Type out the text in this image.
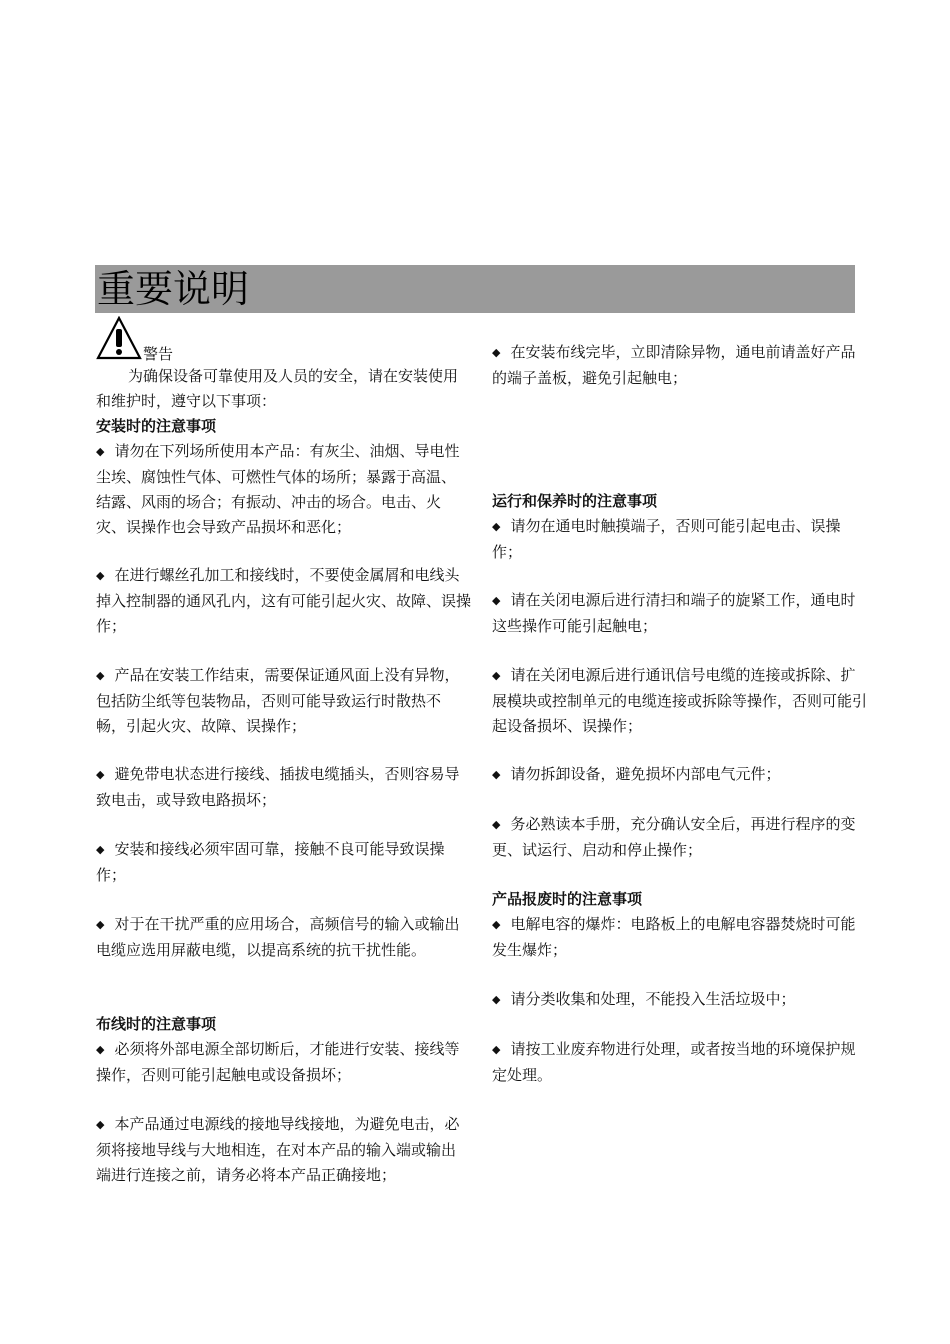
重要说明
警告
为确保设备可靠使用及人员的安全，请在安装使用和维护时，遵守以下事项：
安装时的注意事项
◆ 请勿在下列场所使用本产品：有灰尘、油烟、导电性尘埃、腐蚀性气体、可燃性气体的场所；暴露于高温、结露、风雨的场合；有振动、冲击的场合。电击、火灾、误操作也会导致产品损坏和恶化；
◆ 在进行螺丝孔加工和接线时，不要使金属屑和电线头掉入控制器的通风孔内，这有可能引起火灾、故障、误操作；
◆ 产品在安装工作结束，需要保证通风面上没有异物，包括防尘纸等包装物品，否则可能导致运行时散热不畅，引起火灾、故障、误操作；
◆ 避免带电状态进行接线、插拔电缆插头，否则容易导致电击，或导致电路损坏；
◆ 安装和接线必须牢固可靠，接触不良可能导致误操作；
◆ 对于在干扰严重的应用场合，高频信号的输入或输出电缆应选用屏蔽电缆，以提高系统的抗干扰性能。
布线时的注意事项
◆ 必须将外部电源全部切断后，才能进行安装、接线等操作，否则可能引起触电或设备损坏；
◆ 本产品通过电源线的接地导线接地，为避免电击，必须将接地导线与大地相连，在对本产品的输入端或输出端进行连接之前，请务必将本产品正确接地；
◆ 在安装布线完毕，立即清除异物，通电前请盖好产品的端子盖板，避免引起触电；
运行和保养时的注意事项
◆ 请勿在通电时触摸端子，否则可能引起电击、误操作；
◆ 请在关闭电源后进行清扫和端子的旋紧工作，通电时这些操作可能引起触电；
◆ 请在关闭电源后进行通讯信号电缆的连接或拆除、扩展模块或控制单元的电缆连接或拆除等操作，否则可能引起设备损坏、误操作；
◆ 请勿拆卸设备，避免损坏内部电气元件；
◆ 务必熟读本手册，充分确认安全后，再进行程序的变更、试运行、启动和停止操作；
产品报废时的注意事项
◆ 电解电容的爆炸：电路板上的电解电容器焚烧时可能发生爆炸；
◆ 请分类收集和处理，不能投入生活垃圾中；
◆ 请按工业废弃物进行处理，或者按当地的环境保护规定处理。
